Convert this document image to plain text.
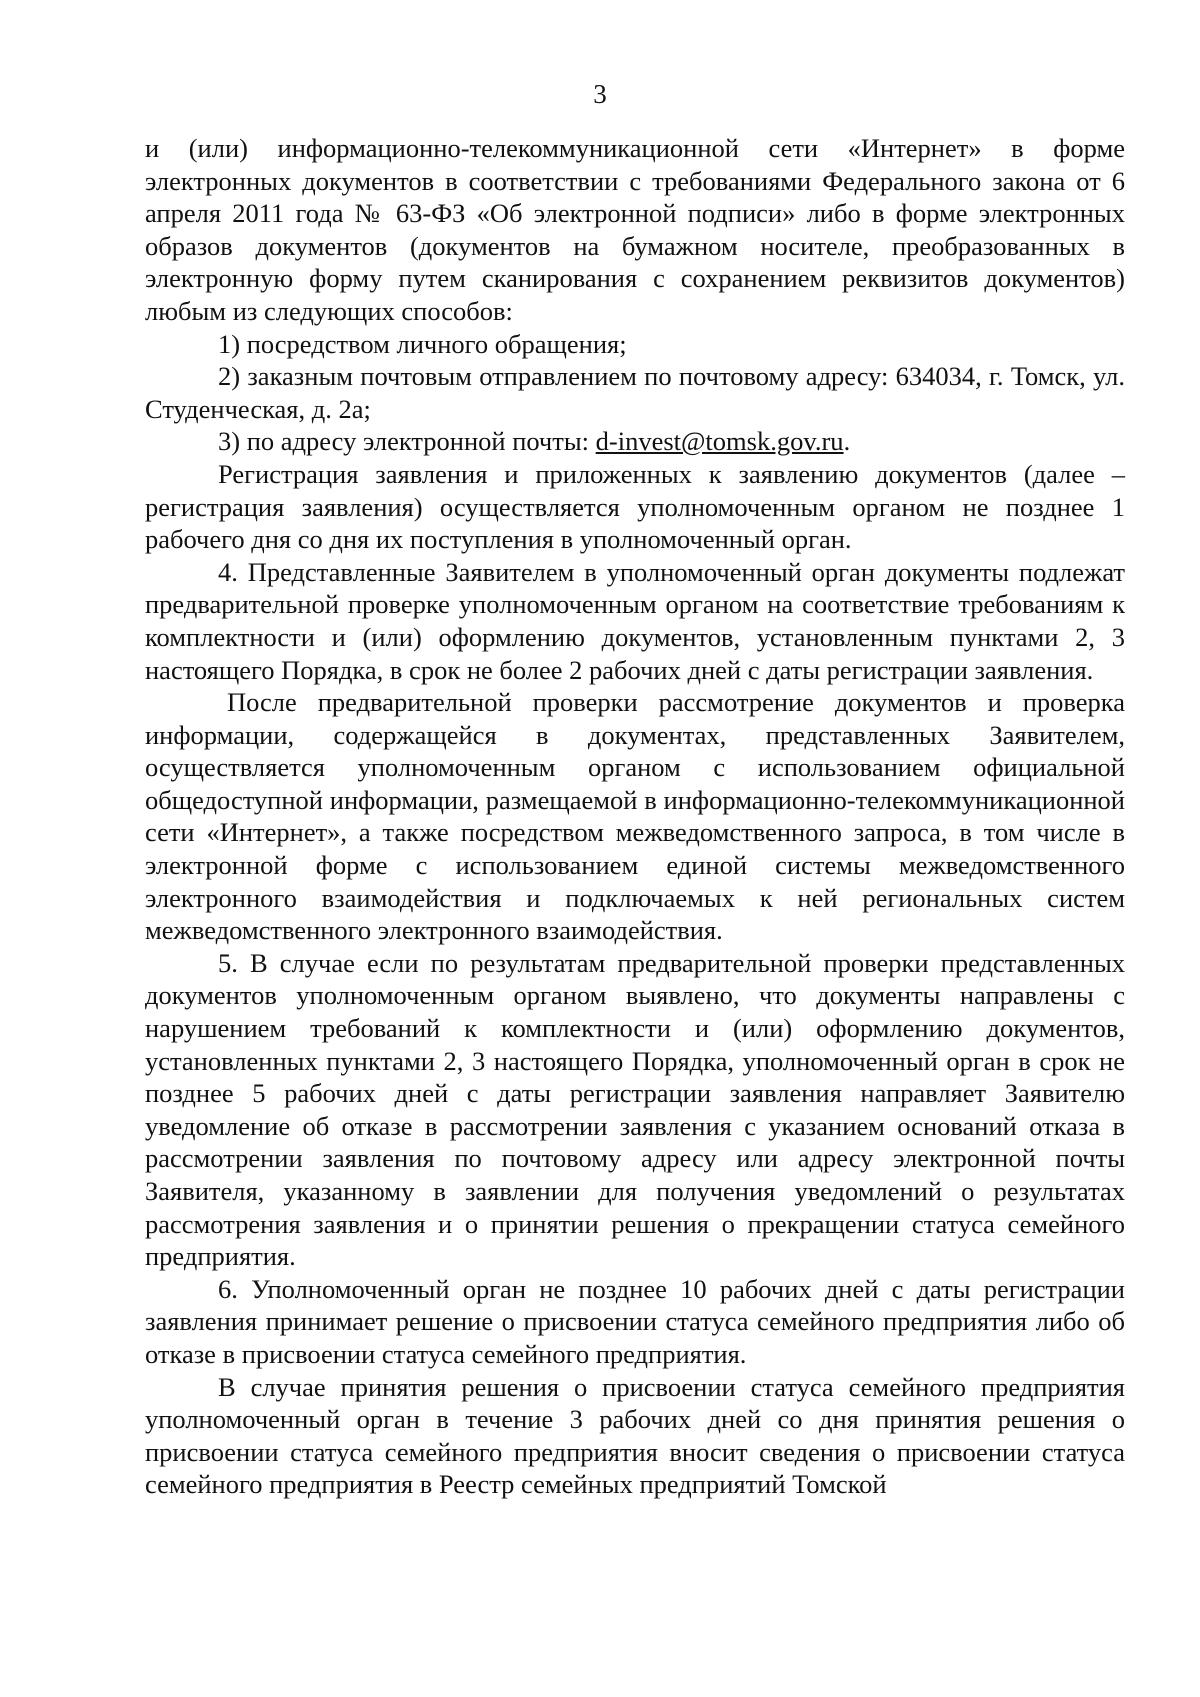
3

и (или) информационно-телекоммуникационной сети «Интернет» в форме электронных документов в соответствии с требованиями Федерального закона от 6 апреля 2011 года № 63-ФЗ «Об электронной подписи» либо в форме электронных образов документов (документов на бумажном носителе, преобразованных в электронную форму путем сканирования с сохранением реквизитов документов) любым из следующих способов:

1) посредством личного обращения;

2) заказным почтовым отправлением по почтовому адресу: 634034, г. Томск, ул. Студенческая, д. 2а;

3) по адресу электронной почты: d-invest@tomsk.gov.ru.

Регистрация заявления и приложенных к заявлению документов (далее – регистрация заявления) осуществляется уполномоченным органом не позднее 1 рабочего дня со дня их поступления в уполномоченный орган.

4. Представленные Заявителем в уполномоченный орган документы подлежат предварительной проверке уполномоченным органом на соответствие требованиям к комплектности и (или) оформлению документов, установленным пунктами 2, 3 настоящего Порядка, в срок не более 2 рабочих дней с даты регистрации заявления.

После предварительной проверки рассмотрение документов и проверка информации, содержащейся в документах, представленных Заявителем, осуществляется уполномоченным органом с использованием официальной общедоступной информации, размещаемой в информационно-телекоммуникационной сети «Интернет», а также посредством межведомственного запроса, в том числе в электронной форме с использованием единой системы межведомственного электронного взаимодействия и подключаемых к ней региональных систем межведомственного электронного взаимодействия.

5. В случае если по результатам предварительной проверки представленных документов уполномоченным органом выявлено, что документы направлены с нарушением требований к комплектности и (или) оформлению документов, установленных пунктами 2, 3 настоящего Порядка, уполномоченный орган в срок не позднее 5 рабочих дней с даты регистрации заявления направляет Заявителю уведомление об отказе в рассмотрении заявления с указанием оснований отказа в рассмотрении заявления по почтовому адресу или адресу электронной почты Заявителя, указанному в заявлении для получения уведомлений о результатах рассмотрения заявления и о принятии решения о прекращении статуса семейного предприятия.

6. Уполномоченный орган не позднее 10 рабочих дней с даты регистрации заявления принимает решение о присвоении статуса семейного предприятия либо об отказе в присвоении статуса семейного предприятия.

В случае принятия решения о присвоении статуса семейного предприятия уполномоченный орган в течение 3 рабочих дней со дня принятия решения о присвоении статуса семейного предприятия вносит сведения о присвоении статуса семейного предприятия в Реестр семейных предприятий Томской
